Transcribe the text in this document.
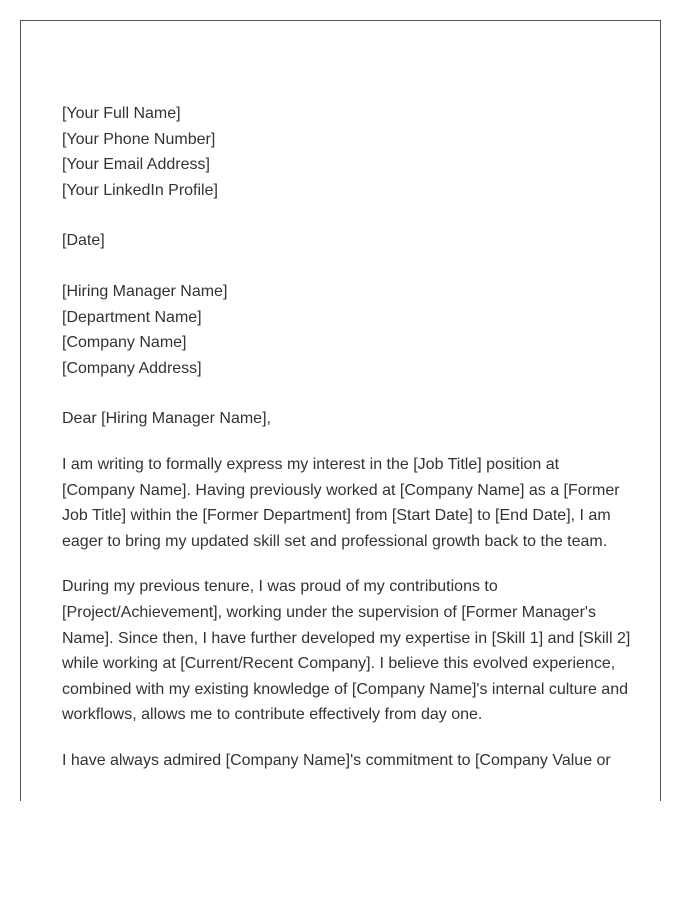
[Your Full Name]
[Your Phone Number]
[Your Email Address]
[Your LinkedIn Profile]
[Date]
[Hiring Manager Name]
[Department Name]
[Company Name]
[Company Address]
Dear [Hiring Manager Name],

I am writing to formally express my interest in the [Job Title] position at [Company Name]. Having previously worked at [Company Name] as a [Former Job Title] within the [Former Department] from [Start Date] to [End Date], I am eager to bring my updated skill set and professional growth back to the team.

During my previous tenure, I was proud of my contributions to [Project/Achievement], working under the supervision of [Former Manager's Name]. Since then, I have further developed my expertise in [Skill 1] and [Skill 2] while working at [Current/Recent Company]. I believe this evolved experience, combined with my existing knowledge of [Company Name]'s internal culture and workflows, allows me to contribute effectively from day one.

I have always admired [Company Name]'s commitment to [Company Value or
